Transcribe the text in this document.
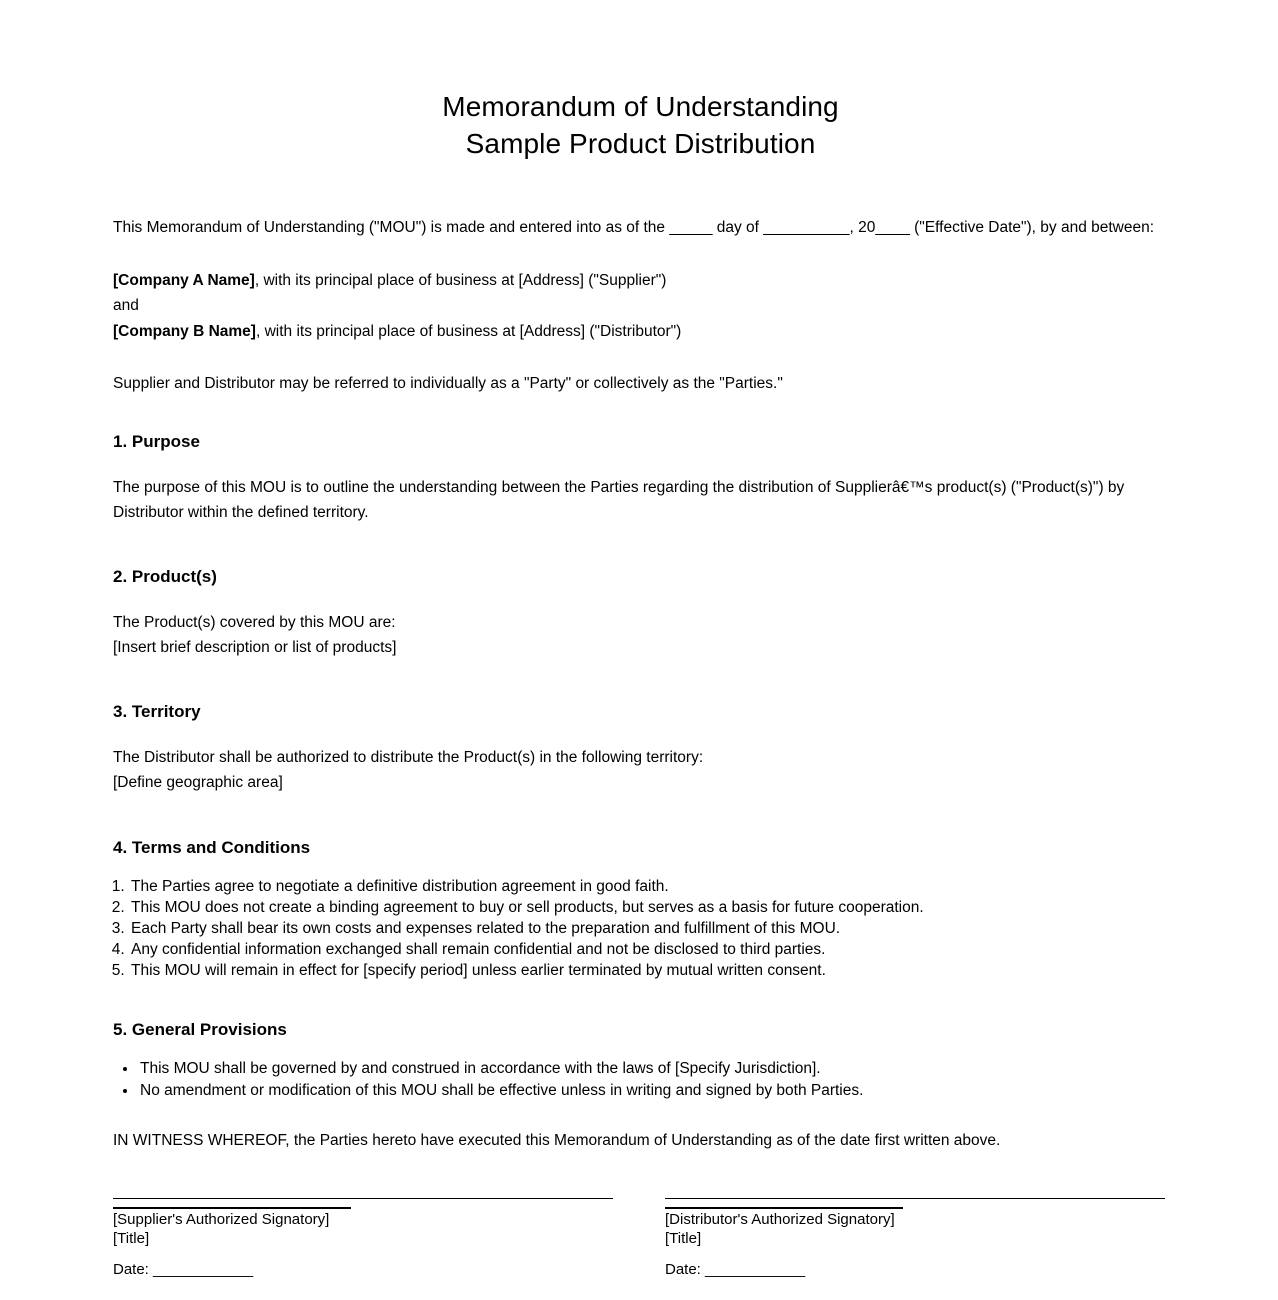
Memorandum of Understanding
Sample Product Distribution

This Memorandum of Understanding ("MOU") is made and entered into as of the _____ day of __________, 20____ ("Effective Date"), by and between:

[Company A Name], with its principal place of business at [Address] ("Supplier")
and
[Company B Name], with its principal place of business at [Address] ("Distributor")

Supplier and Distributor may be referred to individually as a "Party" or collectively as the "Parties."

1. Purpose

The purpose of this MOU is to outline the understanding between the Parties regarding the distribution of Supplierâ€™s product(s) ("Product(s)") by Distributor within the defined territory.

2. Product(s)

The Product(s) covered by this MOU are:

[Insert brief description or list of products]

3. Territory

The Distributor shall be authorized to distribute the Product(s) in the following territory:

[Define geographic area]

4. Terms and Conditions
1. The Parties agree to negotiate a definitive distribution agreement in good faith.
2. This MOU does not create a binding agreement to buy or sell products, but serves as a basis for future cooperation.
3. Each Party shall bear its own costs and expenses related to the preparation and fulfillment of this MOU.
4. Any confidential information exchanged shall remain confidential and not be disclosed to third parties.
5. This MOU will remain in effect for [specify period] unless earlier terminated by mutual written consent.
5. General Provisions
• This MOU shall be governed by and construed in accordance with the laws of [Specify Jurisdiction].
• No amendment or modification of this MOU shall be effective unless in writing and signed by both Parties.

IN WITNESS WHEREOF, the Parties hereto have executed this Memorandum of Understanding as of the date first written above.

[Supplier's Authorized Signatory]

[Title]

Date: ____________

[Distributor's Authorized Signatory]

[Title]

Date: ____________
